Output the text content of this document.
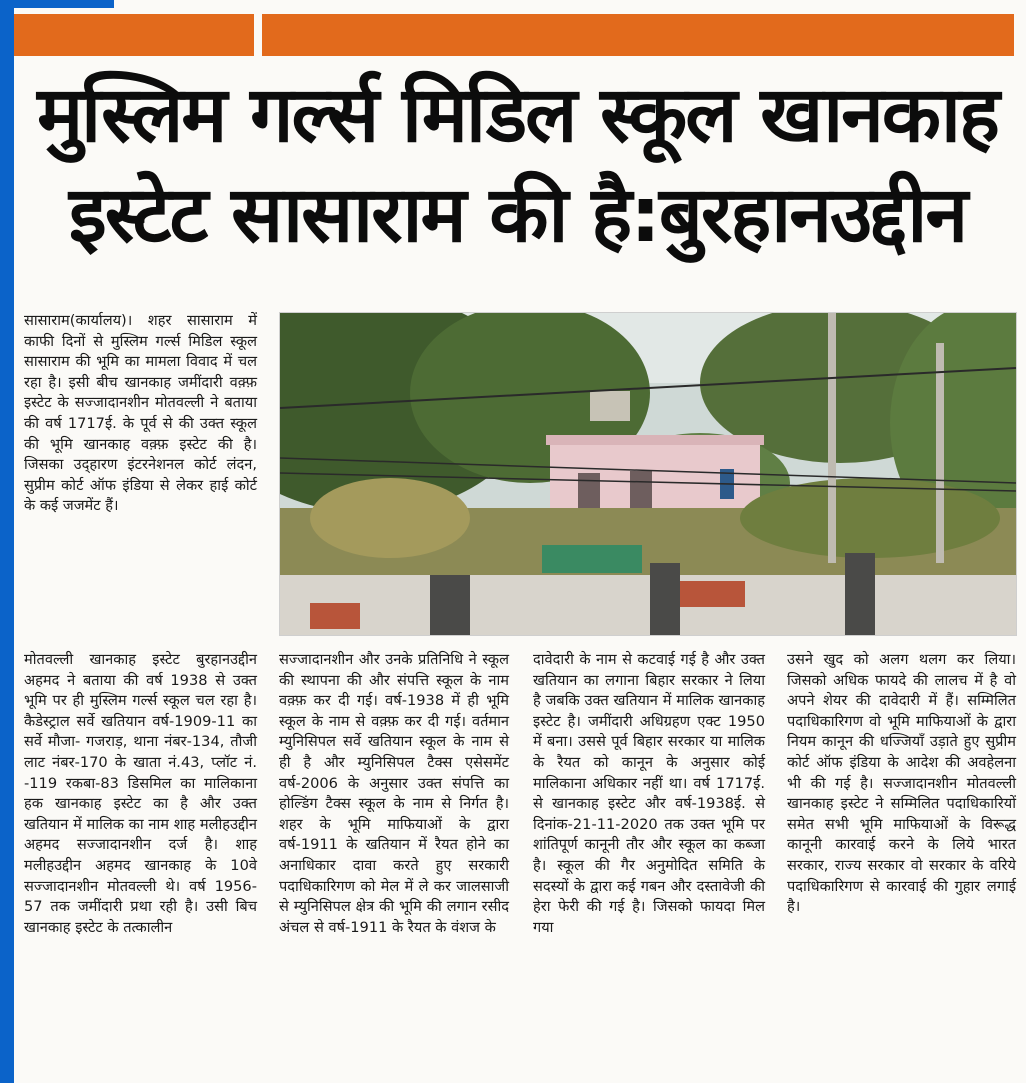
मुस्लिम गर्ल्स मिडिल स्कूल खानकाह इस्टेट सासाराम की है:बुरहानउद्दीन

सासाराम(कार्यालय)। शहर सासाराम में काफी दिनों से मुस्लिम गर्ल्स मिडिल स्कूल सासाराम की भूमि का मामला विवाद में चल रहा है। इसी बीच खानकाह जमींदारी वक़्फ़ इस्टेट के सज्जादानशीन मोतवल्ली ने बताया की वर्ष 1717ई. के पूर्व से की उक्त स्कूल की भूमि खानकाह वक़्फ़ इस्टेट की है। जिसका उद्हारण इंटरनेशनल कोर्ट लंदन, सुप्रीम कोर्ट ऑफ इंडिया से लेकर हाई कोर्ट के कई जजमेंट हैं।

मोतवल्ली खानकाह इस्टेट बुरहानउद्दीन अहमद ने बताया की वर्ष 1938 से उक्त भूमि पर ही मुस्लिम गर्ल्स स्कूल चल रहा है। कैडेस्ट्राल सर्वे खतियान वर्ष-1909-11 का सर्वे मौजा- गजराड़, थाना नंबर-134, तौजी लाट नंबर-170 के खाता नं.43, प्लॉट नं. -119 रकबा-83 डिसमिल का मालिकाना हक खानकाह इस्टेट का है और उक्त खतियान में मालिक का नाम शाह मलीहउद्दीन अहमद सज्जादानशीन दर्ज है। शाह मलीहउद्दीन अहमद खानकाह के 10वे सज्जादानशीन मोतवल्ली थे। वर्ष 1956-57 तक जमींदारी प्रथा रही है। उसी बिच खानकाह इस्टेट के तत्कालीन

सज्जादानशीन और उनके प्रतिनिधि ने स्कूल की स्थापना की और संपत्ति स्कूल के नाम वक़्फ़ कर दी गई। वर्ष-1938 में ही भूमि स्कूल के नाम से वक़्फ़ कर दी गई। वर्तमान म्युनिसिपल सर्वे खतियान स्कूल के नाम से ही है और म्युनिसिपल टैक्स एसेसमेंट वर्ष-2006 के अनुसार उक्त संपत्ति का होल्डिंग टैक्स स्कूल के नाम से निर्गत है। शहर के भूमि माफियाओं के द्वारा वर्ष-1911 के खतियान में रैयत होने का अनाधिकार दावा करते हुए सरकारी पदाधिकारिगण को मेल में ले कर जालसाजी से म्युनिसिपल क्षेत्र की भूमि की लगान रसीद अंचल से वर्ष-1911 के रैयत के वंशज के

दावेदारी के नाम से कटवाई गई है और उक्त खतियान का लगाना बिहार सरकार ने लिया है जबकि उक्त खतियान में मालिक खानकाह इस्टेट है। जमींदारी अधिग्रहण एक्ट 1950 में बना। उससे पूर्व बिहार सरकार या मालिक के रैयत को कानून के अनुसार कोई मालिकाना अधिकार नहीं था। वर्ष 1717ई. से खानकाह इस्टेट और वर्ष-1938ई. से दिनांक-21-11-2020 तक उक्त भूमि पर शांतिपूर्ण कानूनी तौर और स्कूल का कब्जा है। स्कूल की गैर अनुमोदित समिति के सदस्यों के द्वारा कई गबन और दस्तावेजी की हेरा फेरी की गई है। जिसको फायदा मिल गया

उसने खुद को अलग थलग कर लिया। जिसको अधिक फायदे की लालच में है वो अपने शेयर की दावेदारी में हैं। सम्मिलित पदाधिकारिगण वो भूमि माफियाओं के द्वारा नियम कानून की धज्जियाँ उड़ाते हुए सुप्रीम कोर्ट ऑफ इंडिया के आदेश की अवहेलना भी की गई है। सज्जादानशीन मोतवल्ली खानकाह इस्टेट ने सम्मिलित पदाधिकारियों समेत सभी भूमि माफियाओं के विरूद्ध कानूनी कारवाई करने के लिये भारत सरकार, राज्य सरकार वो सरकार के वरिये पदाधिकारिगण से कारवाई की गुहार लगाई है।
